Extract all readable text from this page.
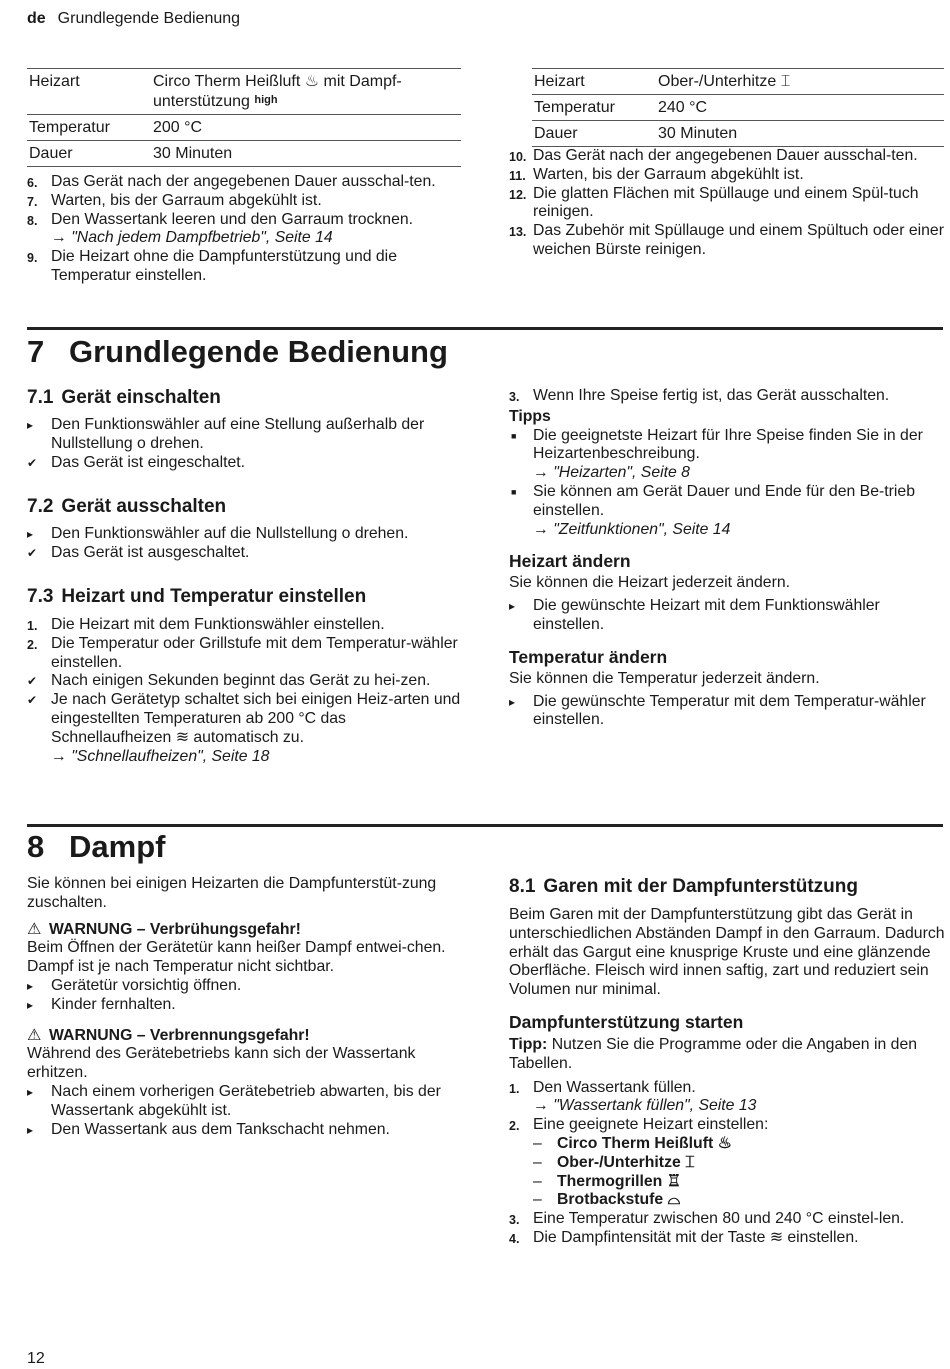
de Grundlegende Bedienung
Heizart	Circo Therm Heißluft ♨ mit Dampf-unterstützung $^{high}$
Temperatur	200 °C
Dauer	30 Minuten
6. Das Gerät nach der angegebenen Dauer ausschal-ten.
7. Warten, bis der Garraum abgekühlt ist.
8. Den Wassertank leeren und den Garraum trocknen.
→ "Nach jedem Dampfbetrieb", Seite 14
9. Die Heizart ohne die Dampfunterstützung und die Temperatur einstellen.
Heizart	Ober-/Unterhitze ⌶
Temperatur	240 °C
Dauer	30 Minuten
10. Das Gerät nach der angegebenen Dauer ausschal-ten.
11. Warten, bis der Garraum abgekühlt ist.
12. Die glatten Flächen mit Spüllauge und einem Spül-tuch reinigen.
13. Das Zubehör mit Spüllauge und einem Spültuch oder einer weichen Bürste reinigen.
7 Grundlegende Bedienung
7.1 Gerät einschalten
▸ Den Funktionswähler auf eine Stellung außerhalb der Nullstellung o drehen.
✔ Das Gerät ist eingeschaltet.
7.2 Gerät ausschalten
▸ Den Funktionswähler auf die Nullstellung o drehen.
✔ Das Gerät ist ausgeschaltet.
7.3 Heizart und Temperatur einstellen
1. Die Heizart mit dem Funktionswähler einstellen.
2. Die Temperatur oder Grillstufe mit dem Temperatur-wähler einstellen.
✔ Nach einigen Sekunden beginnt das Gerät zu hei-zen.
✔ Je nach Gerätetyp schaltet sich bei einigen Heiz-arten und eingestellten Temperaturen ab 200 °C das Schnellaufheizen ≋ automatisch zu.
→ "Schnellaufheizen", Seite 18
3. Wenn Ihre Speise fertig ist, das Gerät ausschalten.
Tipps
■ Die geeignetste Heizart für Ihre Speise finden Sie in der Heizartenbeschreibung.
→ "Heizarten", Seite 8
■ Sie können am Gerät Dauer und Ende für den Be-trieb einstellen.
→ "Zeitfunktionen", Seite 14
Heizart ändern
Sie können die Heizart jederzeit ändern.
▸ Die gewünschte Heizart mit dem Funktionswähler einstellen.
Temperatur ändern
Sie können die Temperatur jederzeit ändern.
▸ Die gewünschte Temperatur mit dem Temperatur-wähler einstellen.
8 Dampf
Sie können bei einigen Heizarten die Dampfunterstüt-zung zuschalten.
⚠ WARNUNG – Verbrühungsgefahr!
Beim Öffnen der Gerätetür kann heißer Dampf entwei-chen. Dampf ist je nach Temperatur nicht sichtbar.
▸ Gerätetür vorsichtig öffnen.
▸ Kinder fernhalten.
⚠ WARNUNG – Verbrennungsgefahr!
Während des Gerätebetriebs kann sich der Wassertank erhitzen.
▸ Nach einem vorherigen Gerätebetrieb abwarten, bis der Wassertank abgekühlt ist.
▸ Den Wassertank aus dem Tankschacht nehmen.
8.1 Garen mit der Dampfunterstützung
Beim Garen mit der Dampfunterstützung gibt das Gerät in unterschiedlichen Abständen Dampf in den Garraum. Dadurch erhält das Gargut eine knusprige Kruste und eine glänzende Oberfläche. Fleisch wird innen saftig, zart und reduziert sein Volumen nur minimal.
Dampfunterstützung starten
Tipp: Nutzen Sie die Programme oder die Angaben in den Tabellen.
1. Den Wassertank füllen.
→ "Wassertank füllen", Seite 13
2. Eine geeignete Heizart einstellen:
– Circo Therm Heißluft ♨
– Ober-/Unterhitze ⌶
– Thermogrillen ♖
– Brotbackstufe ⌓
3. Eine Temperatur zwischen 80 und 240 °C einstel-len.
4. Die Dampfintensität mit der Taste ≋ einstellen.
12
